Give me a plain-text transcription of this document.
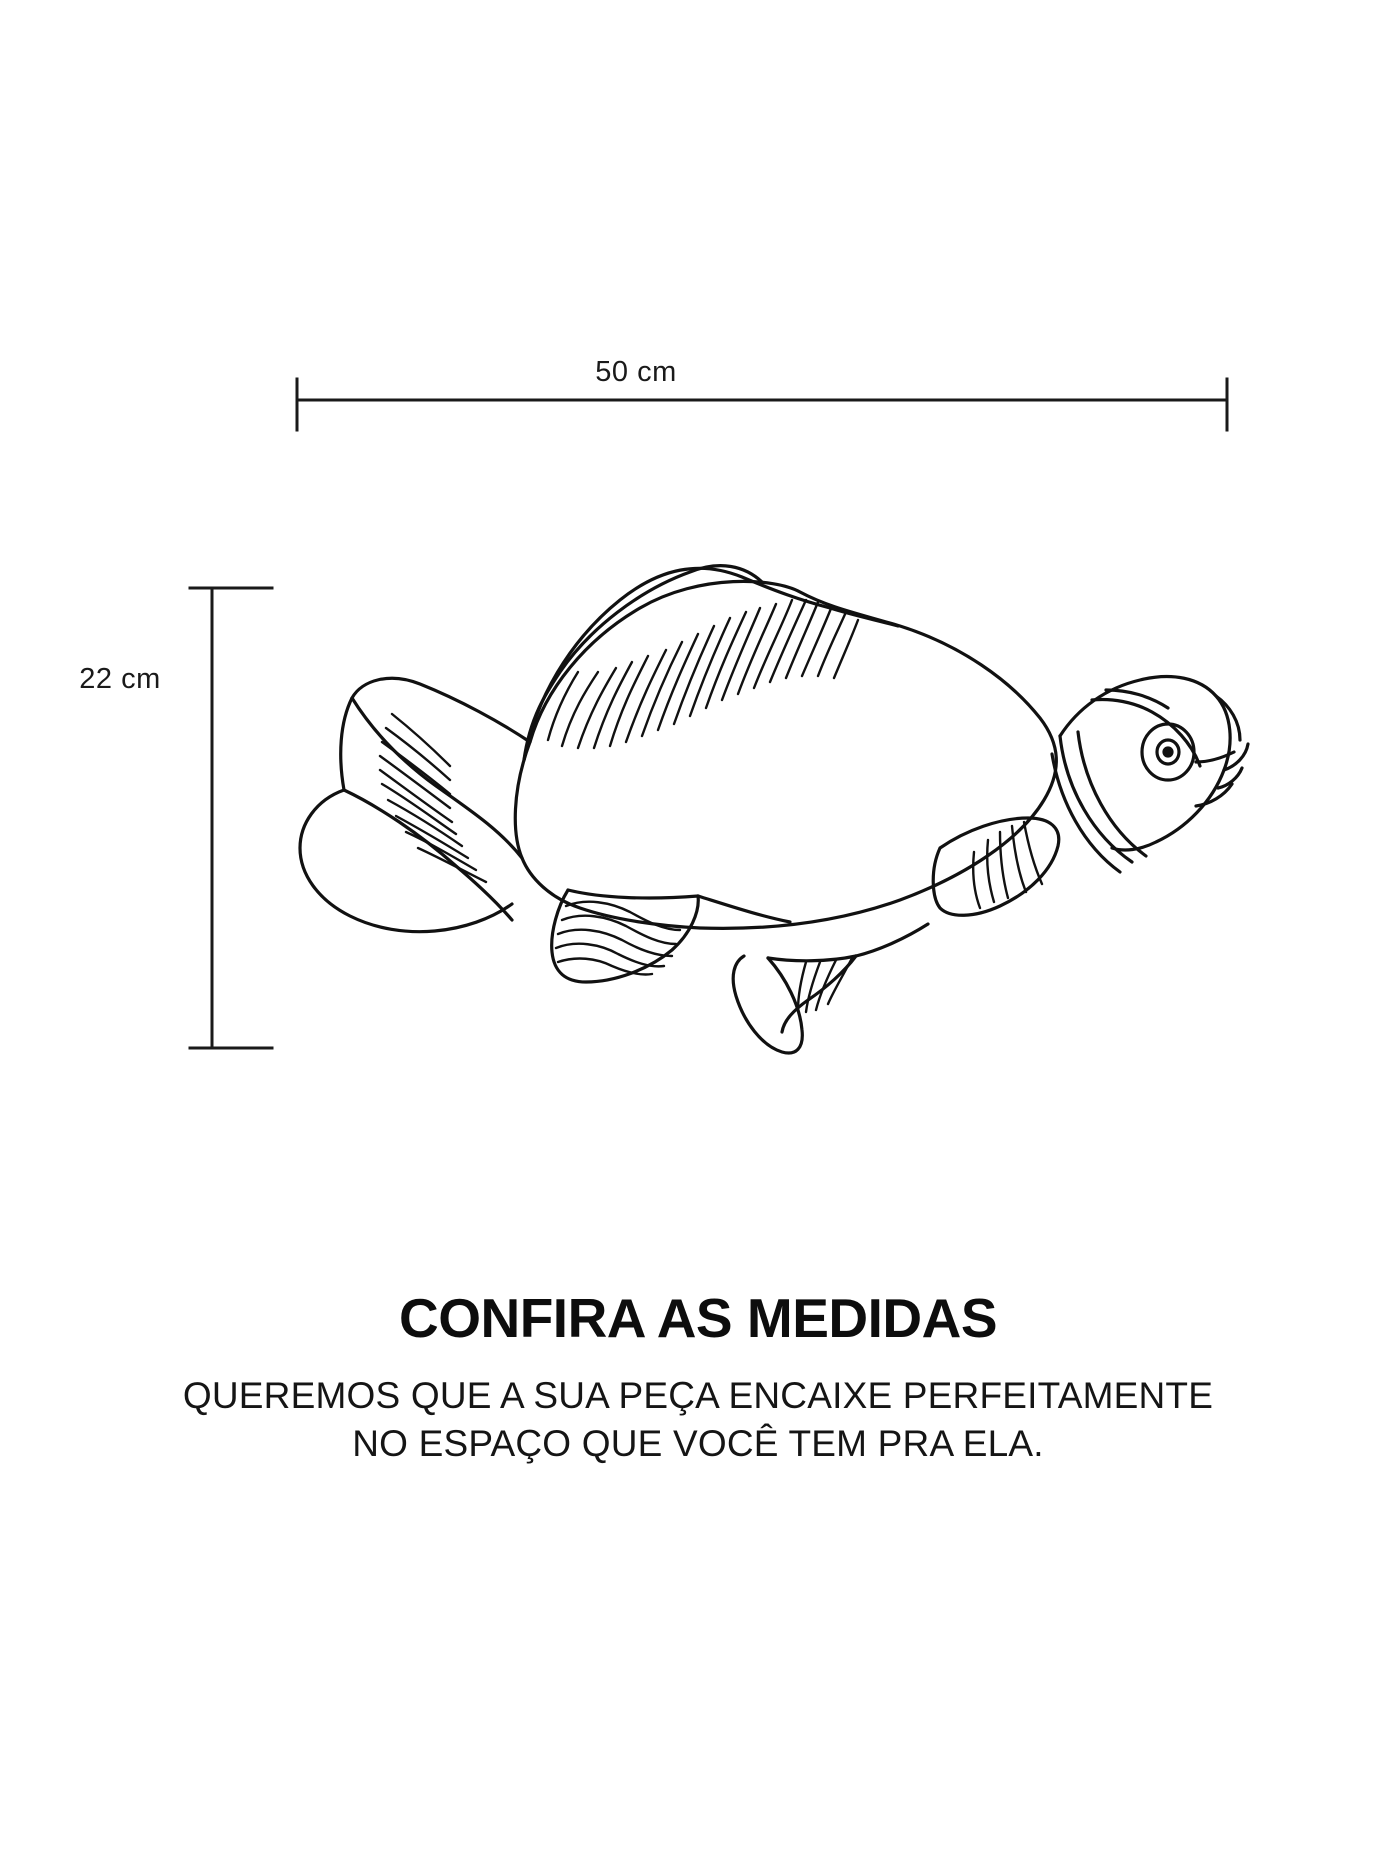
50 cm
22 cm
CONFIRA AS MEDIDAS
QUEREMOS QUE A SUA PEÇA ENCAIXE PERFEITAMENTE
NO ESPAÇO QUE VOCÊ TEM PRA ELA.
